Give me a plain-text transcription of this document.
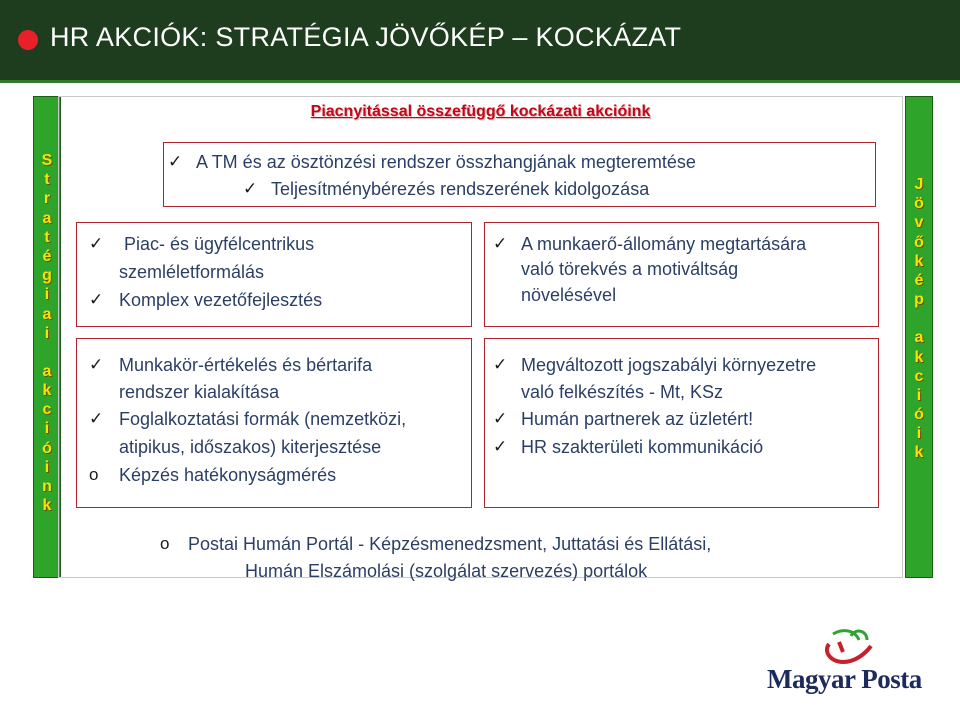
HR AKCIÓK: STRATÉGIA JÖVŐKÉP – KOCKÁZAT
S
t
r
a
t
é
g
i
a
i
a
k
c
i
ó
i
n
k
J
ö
v
ő
k
é
p
a
k
c
i
ó
i
k
Piacnyitással összefüggő kockázati akcióink
✓ A TM és az ösztönzési rendszer összhangjának megteremtése
✓ Teljesítménybérezés rendszerének kidolgozása
✓ Piac- és ügyfélcentrikus
szemléletformálás
✓ Komplex vezetőfejlesztés
✓ A munkaerő-állomány megtartására
való törekvés a motiváltság
növelésével
✓ Munkakör-értékelés és bértarifa
rendszer kialakítása
✓ Foglalkoztatási formák (nemzetközi,
atipikus, időszakos) kiterjesztése
o Képzés hatékonyságmérés
✓ Megváltozott jogszabályi környezetre
való felkészítés - Mt, KSz
✓ Humán partnerek az üzletért!
✓ HR szakterületi kommunikáció
o Postai Humán Portál - Képzésmenedzsment, Juttatási és Ellátási,
Humán Elszámolási (szolgálat szervezés) portálok
Magyar Posta
